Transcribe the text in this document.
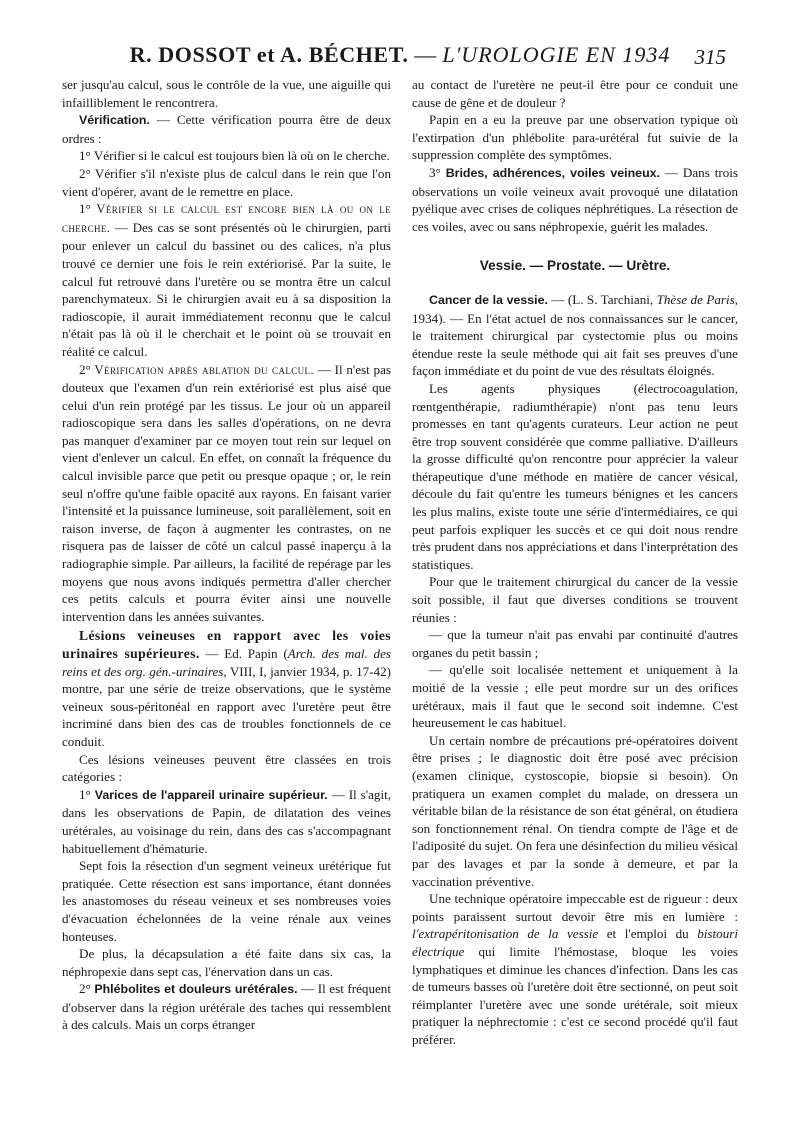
R. DOSSOT et A. BÉCHET. — L'UROLOGIE EN 1934	315

ser jusqu'au calcul, sous le contrôle de la vue, une aiguille qui infailliblement le rencontrera.

Vérification. — Cette vérification pourra être de deux ordres :

1° Vérifier si le calcul est toujours bien là où on le cherche.

2° Vérifier s'il n'existe plus de calcul dans le rein que l'on vient d'opérer, avant de le remettre en place.

1° Vérifier si le calcul est encore bien là ou on le cherche. — Des cas se sont présentés où le chirurgien, parti pour enlever un calcul du bassinet ou des calices, n'a plus trouvé ce dernier une fois le rein extériorisé. Par la suite, le calcul fut retrouvé dans l'uretère ou se montra être un calcul parenchymateux. Si le chirurgien avait eu à sa disposition la radioscopie, il aurait immédiatement reconnu que le calcul n'était pas là où il le cherchait et le point où se trouvait en réalité ce calcul.

2° Vérification après ablation du calcul. — Il n'est pas douteux que l'examen d'un rein extériorisé est plus aisé que celui d'un rein protégé par les tissus. Le jour où un appareil radioscopique sera dans les salles d'opérations, on ne devra pas manquer d'examiner par ce moyen tout rein sur lequel on vient d'enlever un calcul. En effet, on connaît la fréquence du calcul invisible parce que petit ou presque opaque ; or, le rein seul n'offre qu'une faible opacité aux rayons. En faisant varier l'intensité et la puissance lumineuse, soit parallèlement, soit en raison inverse, de façon à augmenter les contrastes, on ne risquera pas de laisser de côté un calcul passé inaperçu à la radiographie simple. Par ailleurs, la facilité de repérage par les moyens que nous avons indiqués permettra d'aller chercher ces petits calculs et pourra éviter ainsi une nouvelle intervention dans les années suivantes.

Lésions veineuses en rapport avec les voies urinaires supérieures. — Ed. Papin (Arch. des mal. des reins et des org. gén.-urinaires, VIII, I, janvier 1934, p. 17-42) montre, par une série de treize observations, que le système veineux sous-péritonéal en rapport avec l'uretère peut être incriminé dans bien des cas de troubles fonctionnels de ce conduit.

Ces lésions veineuses peuvent être classées en trois catégories :

1° Varices de l'appareil urinaire supérieur. — Il s'agit, dans les observations de Papin, de dilatation des veines urétérales, au voisinage du rein, dans des cas s'accompagnant habituellement d'hématurie.

Sept fois la résection d'un segment veineux urétérique fut pratiquée. Cette résection est sans importance, étant données les anastomoses du réseau veineux et ses nombreuses voies d'évacuation échelonnées de la veine rénale aux veines honteuses.

De plus, la décapsulation a été faite dans six cas, la néphropexie dans sept cas, l'énervation dans un cas.

2° Phlébolites et douleurs urétérales. — Il est fréquent d'observer dans la région urétérale des taches qui ressemblent à des calculs. Mais un corps étranger

au contact de l'uretère ne peut-il être pour ce conduit une cause de gêne et de douleur ?

Papin en a eu la preuve par une observation typique où l'extirpation d'un phlébolite para-urétéral fut suivie de la suppression complète des symptômes.

3° Brides, adhérences, voiles veineux. — Dans trois observations un voile veineux avait provoqué une dilatation pyélique avec crises de coliques néphrétiques. La résection de ces voiles, avec ou sans néphropexie, guérit les malades.

Vessie. — Prostate. — Urètre.

Cancer de la vessie. — (L. S. Tarchiani, Thèse de Paris, 1934). — En l'état actuel de nos connaissances sur le cancer, le traitement chirurgical par cystectomie plus ou moins étendue reste la seule méthode qui ait fait ses preuves d'une façon immédiate et du point de vue des résultats éloignés.

Les agents physiques (électrocoagulation, rœntgenthérapie, radiumthérapie) n'ont pas tenu leurs promesses en tant qu'agents curateurs. Leur action ne peut être trop souvent considérée que comme palliative. D'ailleurs la grosse difficulté qu'on rencontre pour apprécier la valeur thérapeutique d'une méthode en matière de cancer vésical, découle du fait qu'entre les tumeurs bénignes et les cancers les plus malins, existe toute une série d'intermédiaires, ce qui peut parfois expliquer les succès et ce qui doit nous rendre très prudent dans nos appréciations et dans l'interprétation des statistiques.

Pour que le traitement chirurgical du cancer de la vessie soit possible, il faut que diverses conditions se trouvent réunies :

— que la tumeur n'ait pas envahi par continuité d'autres organes du petit bassin ;

— qu'elle soit localisée nettement et uniquement à la moitié de la vessie ; elle peut mordre sur un des orifices urétéraux, mais il faut que le second soit indemne. C'est heureusement le cas habituel.

Un certain nombre de précautions pré-opératoires doivent être prises ; le diagnostic doit être posé avec précision (examen clinique, cystoscopie, biopsie si besoin). On pratiquera un examen complet du malade, on dressera un véritable bilan de la résistance de son état général, on étudiera son fonctionnement rénal. On tiendra compte de l'âge et de l'adiposité du sujet. On fera une désinfection du milieu vésical par des lavages et par la sonde à demeure, et par la vaccination préventive.

Une technique opératoire impeccable est de rigueur : deux points paraissent surtout devoir être mis en lumière : l'extrapéritonisation de la vessie et l'emploi du bistouri électrique qui limite l'hémostase, bloque les voies lymphatiques et diminue les chances d'infection. Dans les cas de tumeurs basses où l'uretère doit être sectionné, on peut soit réimplanter l'uretère avec une sonde urétérale, soit mieux pratiquer la néphrectomie : c'est ce second procédé qu'il faut préférer.
